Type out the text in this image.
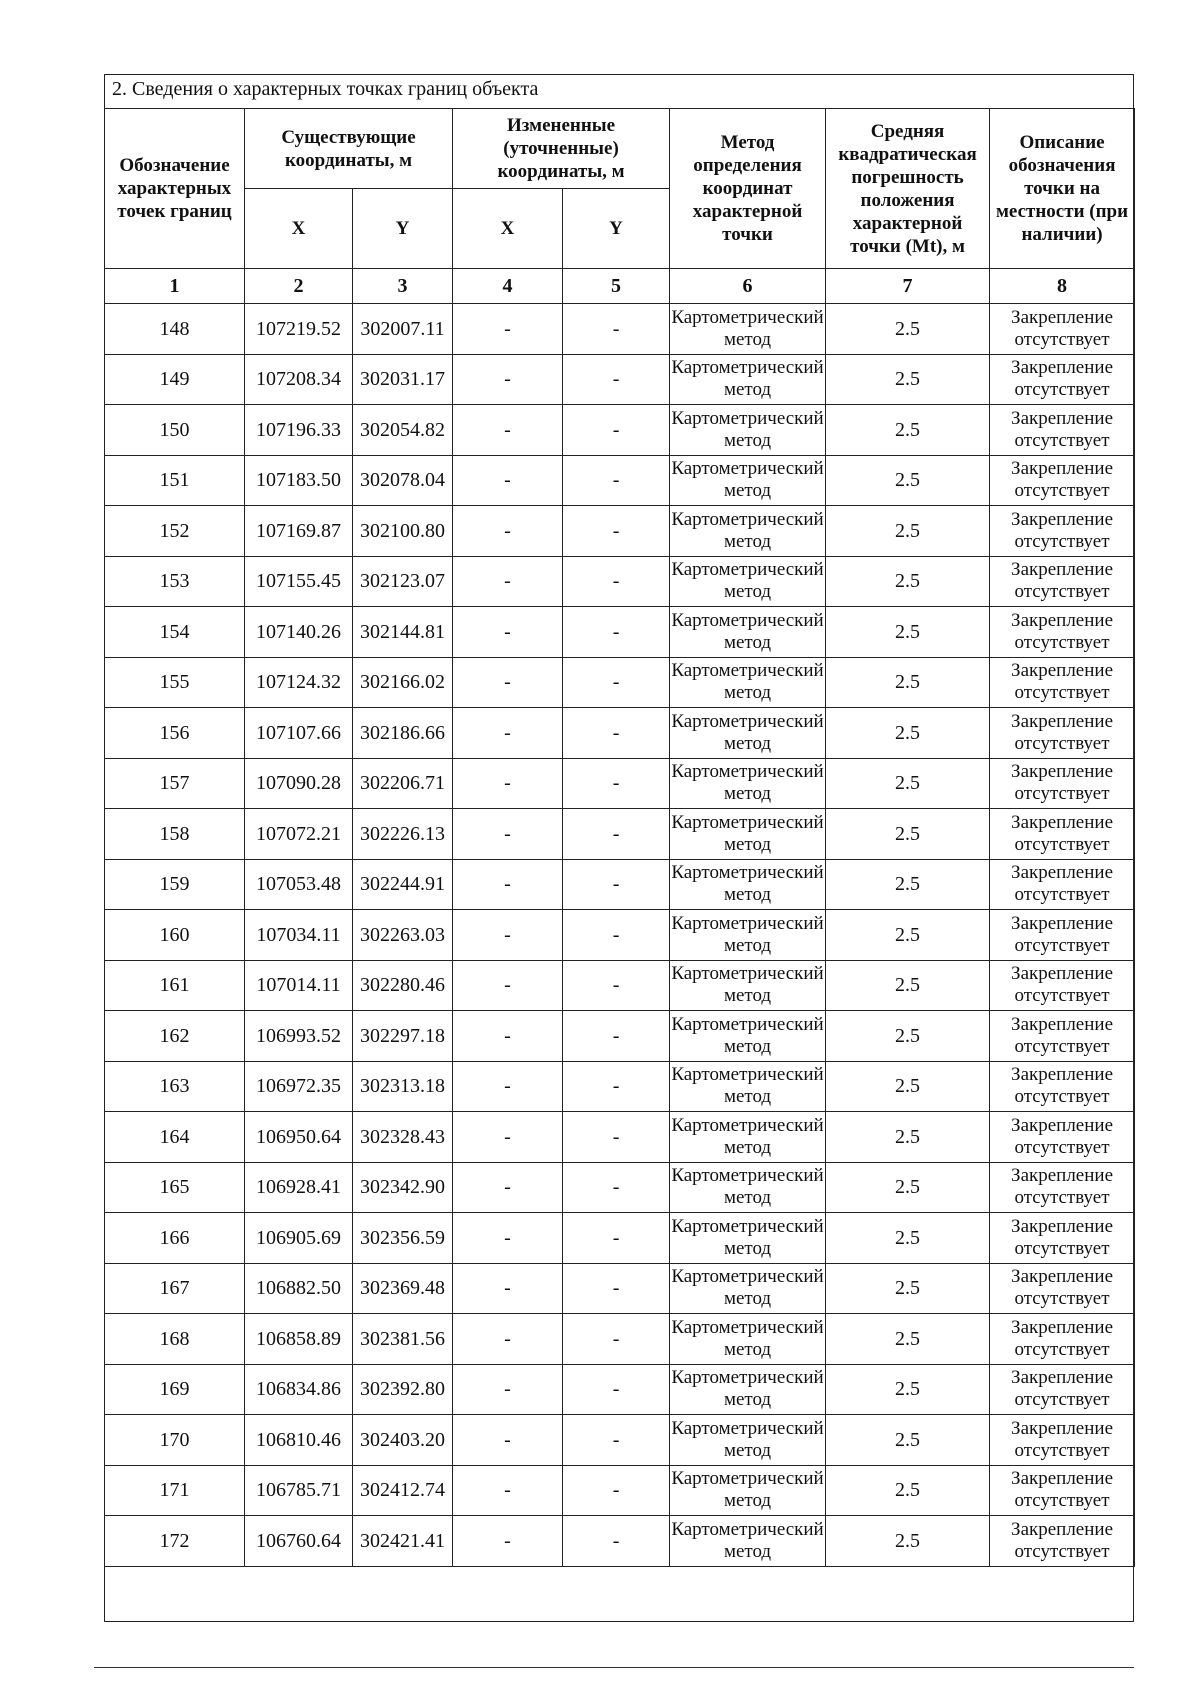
2. Сведения о характерных точках границ объекта
Обозначение характерных точек границ	Существующие координаты, м		Измененные (уточненные) координаты, м		Метод определения координат характерной точки	Средняя квадратическая погрешность положения характерной точки (Mt), м	Описание обозначения точки на местности (при наличии)
	X	Y	X	Y			
1	2	3	4	5	6	7	8
148	107219.52	302007.11	-	-	Картометрический метод	2.5	Закрепление отсутствует
149	107208.34	302031.17	-	-	Картометрический метод	2.5	Закрепление отсутствует
150	107196.33	302054.82	-	-	Картометрический метод	2.5	Закрепление отсутствует
151	107183.50	302078.04	-	-	Картометрический метод	2.5	Закрепление отсутствует
152	107169.87	302100.80	-	-	Картометрический метод	2.5	Закрепление отсутствует
153	107155.45	302123.07	-	-	Картометрический метод	2.5	Закрепление отсутствует
154	107140.26	302144.81	-	-	Картометрический метод	2.5	Закрепление отсутствует
155	107124.32	302166.02	-	-	Картометрический метод	2.5	Закрепление отсутствует
156	107107.66	302186.66	-	-	Картометрический метод	2.5	Закрепление отсутствует
157	107090.28	302206.71	-	-	Картометрический метод	2.5	Закрепление отсутствует
158	107072.21	302226.13	-	-	Картометрический метод	2.5	Закрепление отсутствует
159	107053.48	302244.91	-	-	Картометрический метод	2.5	Закрепление отсутствует
160	107034.11	302263.03	-	-	Картометрический метод	2.5	Закрепление отсутствует
161	107014.11	302280.46	-	-	Картометрический метод	2.5	Закрепление отсутствует
162	106993.52	302297.18	-	-	Картометрический метод	2.5	Закрепление отсутствует
163	106972.35	302313.18	-	-	Картометрический метод	2.5	Закрепление отсутствует
164	106950.64	302328.43	-	-	Картометрический метод	2.5	Закрепление отсутствует
165	106928.41	302342.90	-	-	Картометрический метод	2.5	Закрепление отсутствует
166	106905.69	302356.59	-	-	Картометрический метод	2.5	Закрепление отсутствует
167	106882.50	302369.48	-	-	Картометрический метод	2.5	Закрепление отсутствует
168	106858.89	302381.56	-	-	Картометрический метод	2.5	Закрепление отсутствует
169	106834.86	302392.80	-	-	Картометрический метод	2.5	Закрепление отсутствует
170	106810.46	302403.20	-	-	Картометрический метод	2.5	Закрепление отсутствует
171	106785.71	302412.74	-	-	Картометрический метод	2.5	Закрепление отсутствует
172	106760.64	302421.41	-	-	Картометрический метод	2.5	Закрепление отсутствует
